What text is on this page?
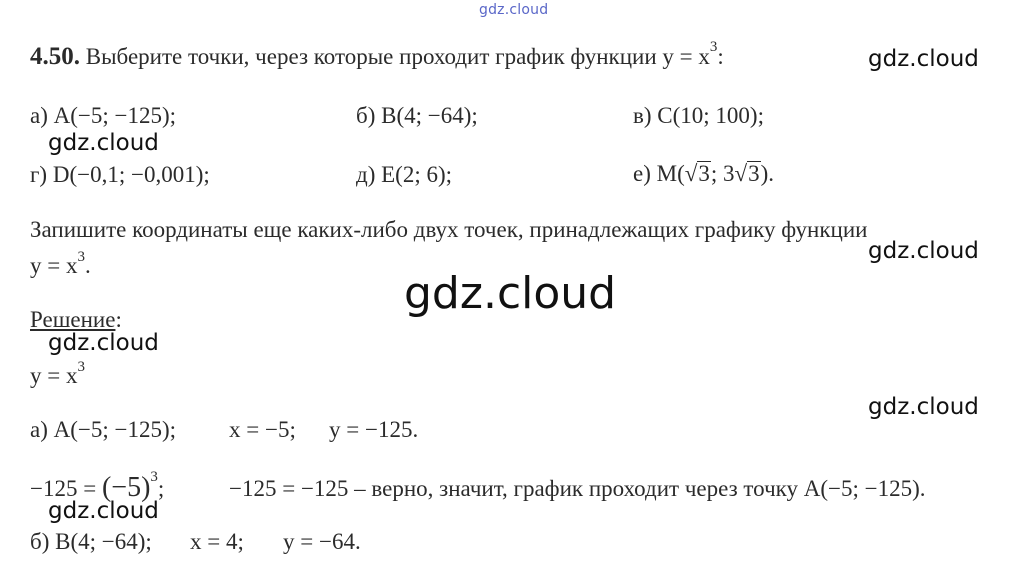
gdz.cloud
gdz.cloud
gdz.cloud
gdz.cloud
gdz.cloud
gdz.cloud
gdz.cloud
gdz.cloud
4.50. Выберите точки, через которые проходит график функции $y = x^3$:
а) A(−5; −125);	б) B(4; −64);	в) C(10; 100);
г) D(−0,1; −0,001);	д) E(2; 6);	е) M(√3; 3√3).
Запишите координаты еще каких-либо двух точек, принадлежащих графику функции
$y = x^3$.
Решение:
$y = x^3$
а) A(−5; −125); x = −5; y = −125.
$-125 = (-5)^3$;	−125 = −125 – верно, значит, график проходит через точку A(−5; −125).
б) B(4; −64); x = 4; y = −64.
